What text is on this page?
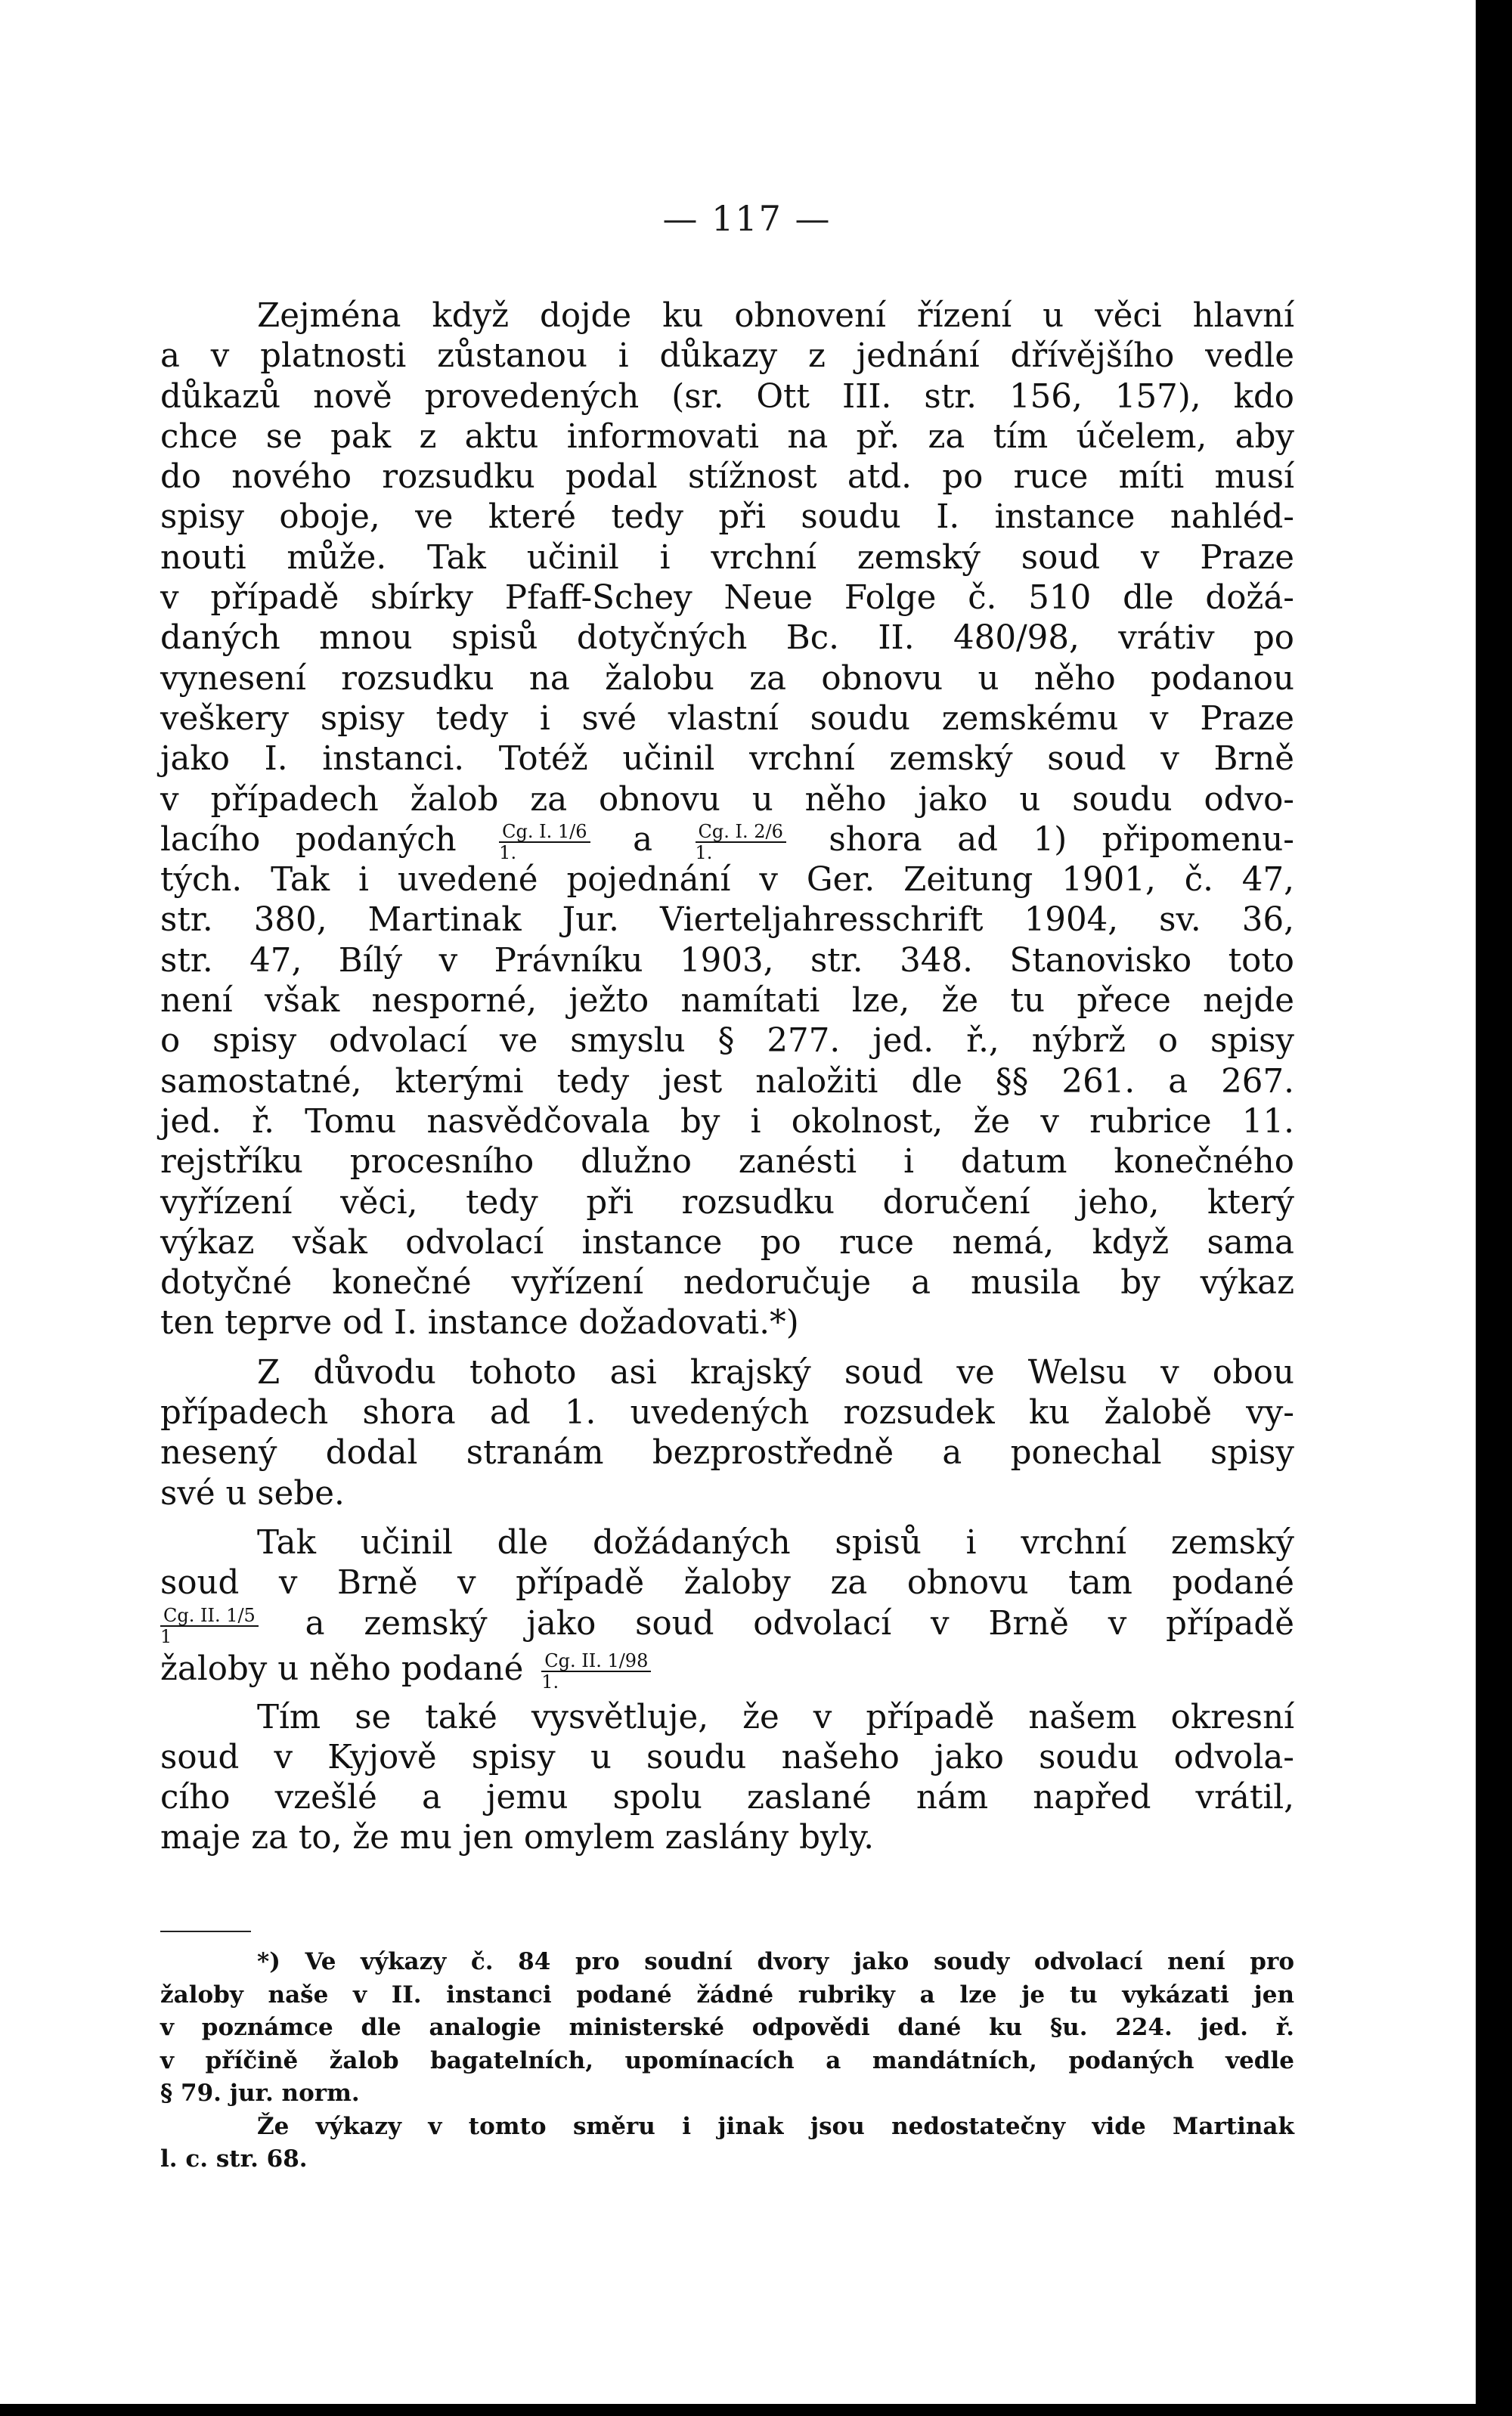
— 117 —
Zejména když dojde ku obnovení řízení u věci hlavní
a v platnosti zůstanou i důkazy z jednání dřívějšího vedle
důkazů nově provedených (sr. Ott III. str. 156, 157), kdo
chce se pak z aktu informovati na př. za tím účelem, aby
do nového rozsudku podal stížnost atd. po ruce míti musí
spisy oboje, ve které tedy při soudu I. instance nahléd-
nouti může. Tak učinil i vrchní zemský soud v Praze
v případě sbírky Pfaff-Schey Neue Folge č. 510 dle dožá-
daných mnou spisů dotyčných Bc. II. 480/98, vrátiv po
vynesení rozsudku na žalobu za obnovu u něho podanou
veškery spisy tedy i své vlastní soudu zemskému v Praze
jako I. instanci. Totéž učinil vrchní zemský soud v Brně
v případech žalob za obnovu u něho jako u soudu odvo-
lacího podaných $\frac{Cg. I. 1/6}{1.}$ a $\frac{Cg. I. 2/6}{1.}$ shora ad 1) připomenu-
tých. Tak i uvedené pojednání v Ger. Zeitung 1901, č. 47,
str. 380, Martinak Jur. Vierteljahresschrift 1904, sv. 36,
str. 47, Bílý v Právníku 1903, str. 348. Stanovisko toto
není však nesporné, ježto namítati lze, že tu přece nejde
o spisy odvolací ve smyslu § 277. jed. ř., nýbrž o spisy
samostatné, kterými tedy jest naložiti dle §§ 261. a 267.
jed. ř. Tomu nasvědčovala by i okolnost, že v rubrice 11.
rejstříku procesního dlužno zanésti i datum konečného
vyřízení věci, tedy při rozsudku doručení jeho, který
výkaz však odvolací instance po ruce nemá, když sama
dotyčné konečné vyřízení nedoručuje a musila by výkaz
ten teprve od I. instance dožadovati.*)
Z důvodu tohoto asi krajský soud ve Welsu v obou
případech shora ad 1. uvedených rozsudek ku žalobě vy-
nesený dodal stranám bezprostředně a ponechal spisy
své u sebe.
Tak učinil dle dožádaných spisů i vrchní zemský
soud v Brně v případě žaloby za obnovu tam podané
$\frac{Cg. II. 1/5}{1}$ a zemský jako soud odvolací v Brně v případě
žaloby u něho podané $\frac{Cg. II. 1/98}{1.}$
Tím se také vysvětluje, že v případě našem okresní
soud v Kyjově spisy u soudu našeho jako soudu odvola-
cího vzešlé a jemu spolu zaslané nám napřed vrátil,
maje za to, že mu jen omylem zaslány byly.
*) Ve výkazy č. 84 pro soudní dvory jako soudy odvolací není pro
žaloby naše v II. instanci podané žádné rubriky a lze je tu vykázati jen
v poznámce dle analogie ministerské odpovědi dané ku §u. 224. jed. ř.
v příčině žalob bagatelních, upomínacích a mandátních, podaných vedle
§ 79. jur. norm.
Že výkazy v tomto směru i jinak jsou nedostatečny vide Martinak
l. c. str. 68.
